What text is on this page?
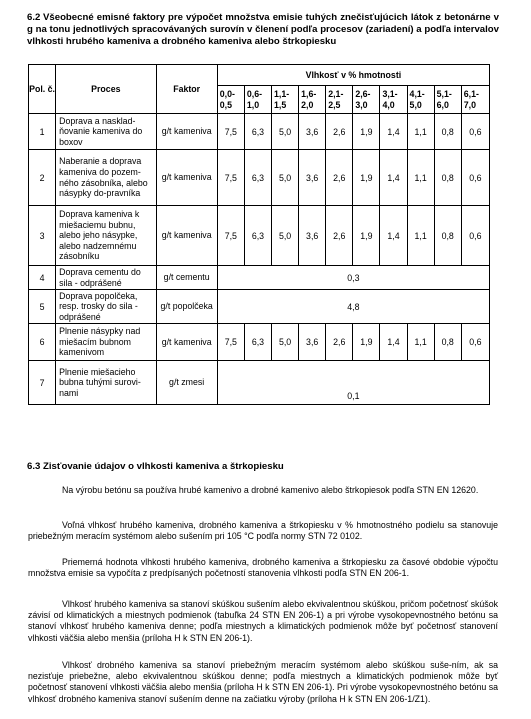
6.2 Všeobecné emisné faktory pre výpočet množstva emisie tuhých znečisťujúcich látok z betonárne v g na tonu jednotlivých spracovávaných surovín v členení podľa procesov (zariadení) a podľa intervalov vlhkosti hrubého kameniva a drobného kameniva alebo štrkopiesku
Pol. č.	Proces	Faktor	Vlhkosť v % hmotnosti									
			0,0-0,5	0,6-1,0	1,1-1,5	1,6-2,0	2,1-2,5	2,6-3,0	3,1-4,0	4,1-5,0	5,1-6,0	6,1-7,0
1	Doprava a nasklad-ňovanie kameniva do boxov	g/t kameniva	7,5	6,3	5,0	3,6	2,6	1,9	1,4	1,1	0,8	0,6
2	Naberanie a doprava kameniva do pozem-ného zásobníka, alebo násypky do-pravníka	g/t kameniva	7,5	6,3	5,0	3,6	2,6	1,9	1,4	1,1	0,8	0,6
3	Doprava kameniva k miešaciemu bubnu, alebo jeho násypke, alebo nadzemnému zásobníku	g/t kameniva	7,5	6,3	5,0	3,6	2,6	1,9	1,4	1,1	0,8	0,6
4	Doprava cementu do sila - odprášené	g/t cementu	0,3									
5	Doprava popolčeka, resp. trosky do sila - odprášené	g/t popolčeka	4,8									
6	Plnenie násypky nad miešacím bubnom kamenivom	g/t kameniva	7,5	6,3	5,0	3,6	2,6	1,9	1,4	1,1	0,8	0,6
7	Plnenie miešacieho bubna tuhými surovi-nami	g/t zmesi	0,1									
6.3 Zisťovanie údajov o vlhkosti kameniva a štrkopiesku
Na výrobu betónu sa používa hrubé kamenivo a drobné kamenivo alebo štrkopiesok podľa STN EN 12620.
Voľná vlhkosť hrubého kameniva, drobného kameniva a štrkopiesku v % hmotnostného podielu sa stanovuje priebežným meracím systémom alebo sušením pri 105 °C podľa normy STN 72 0102.
Priemerná hodnota vlhkosti hrubého kameniva, drobného kameniva a štrkopiesku za časové obdobie výpočtu množstva emisie sa vypočíta z predpísaných početností stanovenia vlhkosti podľa STN EN 206-1.
Vlhkosť hrubého kameniva sa stanoví skúškou sušením alebo ekvivalentnou skúškou, pričom početnosť skúšok závisí od klimatických a miestnych podmienok (tabuľka 24 STN EN 206-1) a pri výrobe vysokopevnostného betónu sa stanoví vlhkosť hrubého kameniva denne; podľa miestnych a klimatických podmienok môže byť početnosť stanovení vlhkosti väčšia alebo menšia (príloha H k STN EN 206-1).
Vlhkosť drobného kameniva sa stanoví priebežným meracím systémom alebo skúškou suše-ním, ak sa nezisťuje priebežne, alebo ekvivalentnou skúškou denne; podľa miestnych a klimatických podmienok môže byť početnosť stanovení vlhkosti väčšia alebo menšia (príloha H k STN EN 206-1). Pri výrobe vysokopevnostného betónu sa vlhkosť drobného kameniva stanoví sušením denne na začiatku výroby (príloha H k STN EN 206-1/Z1).
